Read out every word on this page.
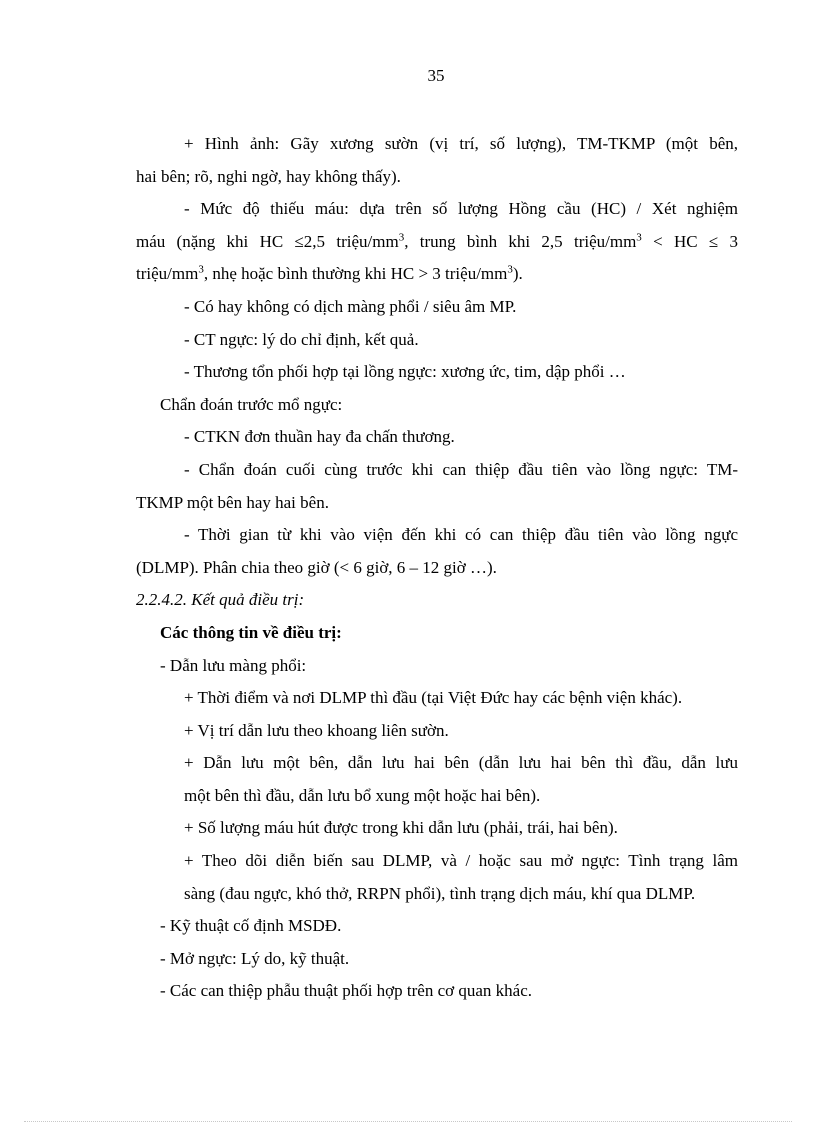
35
+ Hình ảnh: Gãy xương sườn (vị trí, số lượng), TM-TKMP (một bên,
hai bên; rõ, nghi ngờ, hay không thấy).
- Mức độ thiếu máu: dựa trên số lượng Hồng cầu (HC) / Xét nghiệm
máu (nặng khi HC ≤2,5 triệu/$mm^3$, trung bình khi 2,5 triệu/$mm^3$ < HC ≤ 3
triệu/$mm^3$, nhẹ hoặc bình thường khi HC > 3 triệu/$mm^3$).
- Có hay không có dịch màng phổi / siêu âm MP.
- CT ngực: lý do chỉ định, kết quả.
- Thương tổn phối hợp tại lồng ngực: xương ức, tim, dập phổi …
Chẩn đoán trước mổ ngực:
- CTKN đơn thuần hay đa chấn thương.
- Chẩn đoán cuối cùng trước khi can thiệp đầu tiên vào lồng ngực: TM-
TKMP một bên hay hai bên.
- Thời gian từ khi vào viện đến khi có can thiệp đầu tiên vào lồng ngực
(DLMP). Phân chia theo giờ (< 6 giờ, 6 – 12 giờ …).
2.2.4.2. Kết quả điều trị:
Các thông tin về điều trị:
- Dẫn lưu màng phổi:
+ Thời điểm và nơi DLMP thì đầu (tại Việt Đức hay các bệnh viện khác).
+ Vị trí dẫn lưu theo khoang liên sườn.
+ Dẫn lưu một bên, dẫn lưu hai bên (dẫn lưu hai bên thì đầu, dẫn lưu
một bên thì đầu, dẫn lưu bổ xung một hoặc hai bên).
+ Số lượng máu hút được trong khi dẫn lưu (phải, trái, hai bên).
+ Theo dõi diễn biến sau DLMP, và / hoặc sau mở ngực: Tình trạng lâm
sàng (đau ngực, khó thở, RRPN phổi), tình trạng dịch máu, khí qua DLMP.
- Kỹ thuật cố định MSDĐ.
- Mở ngực: Lý do, kỹ thuật.
- Các can thiệp phẫu thuật phối hợp trên cơ quan khác.
